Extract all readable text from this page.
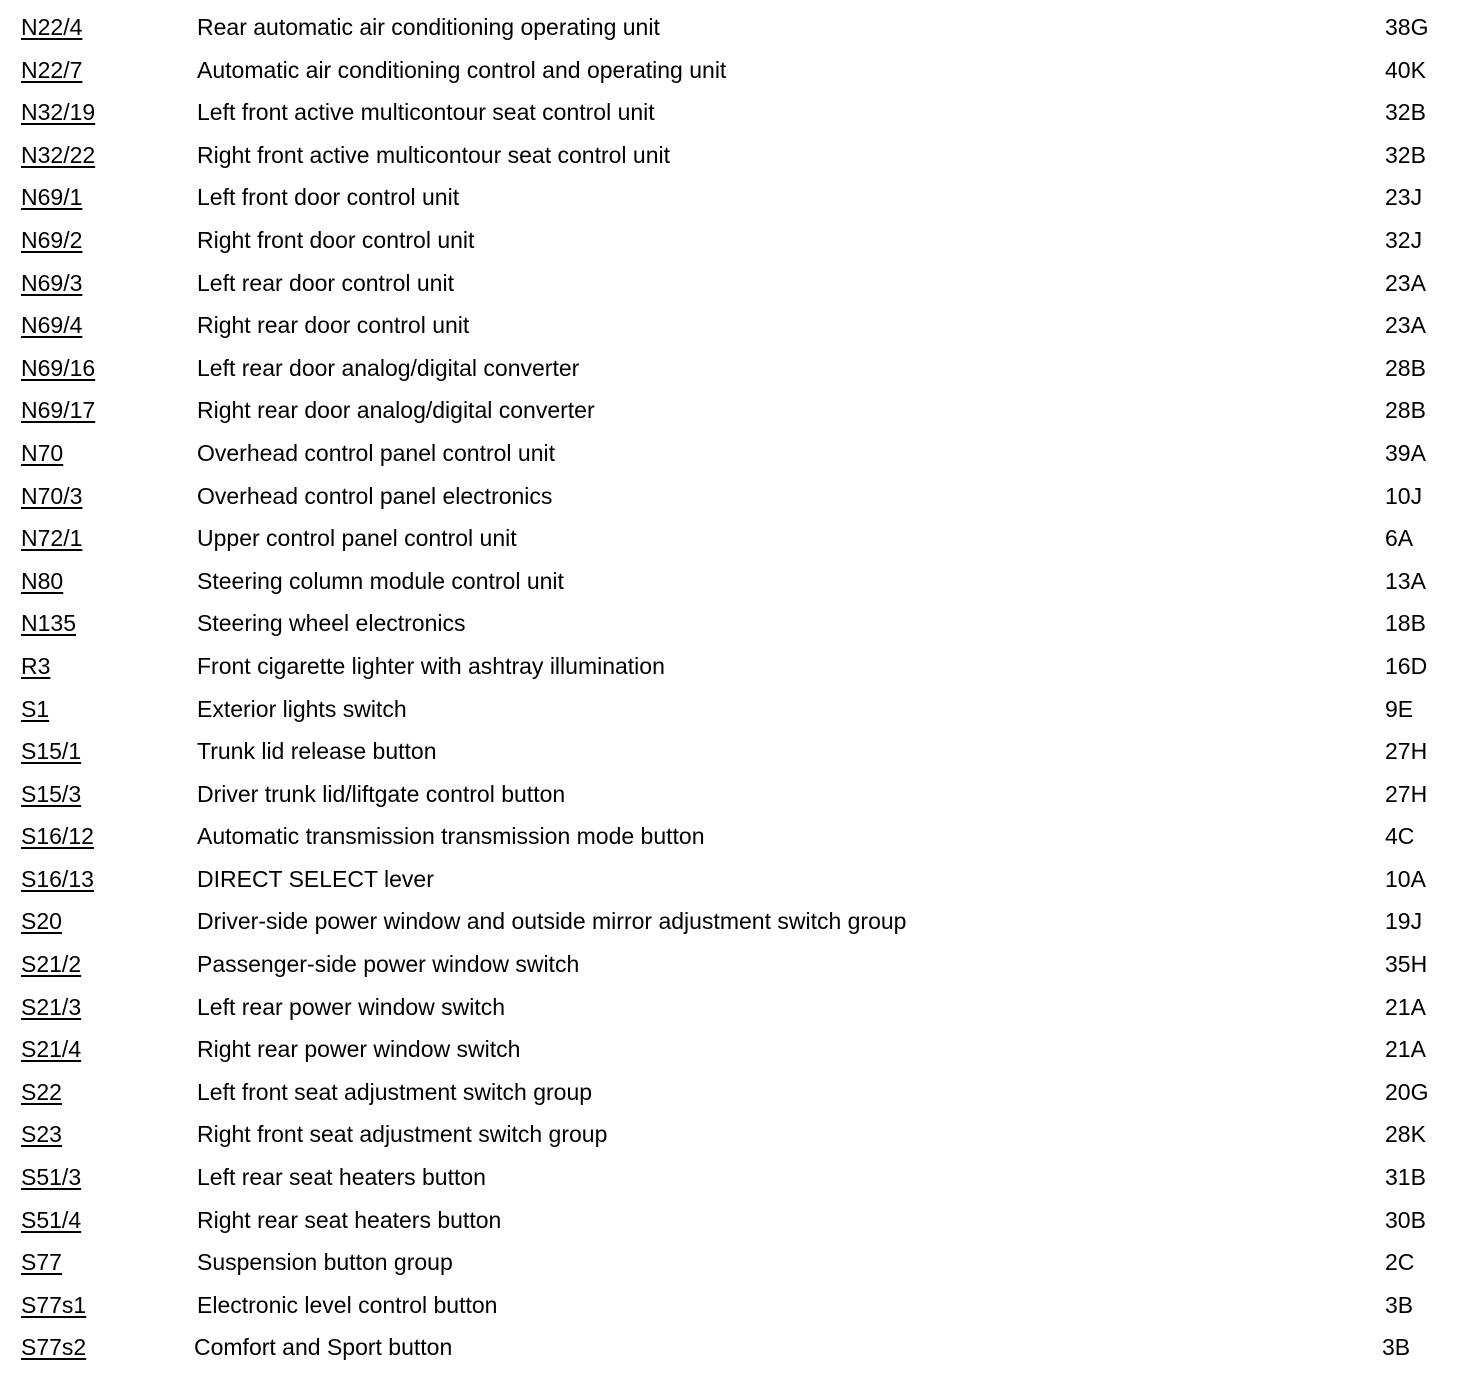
N22/4	Rear automatic air conditioning operating unit	38G
N22/7	Automatic air conditioning control and operating unit	40K
N32/19	Left front active multicontour seat control unit	32B
N32/22	Right front active multicontour seat control unit	32B
N69/1	Left front door control unit	23J
N69/2	Right front door control unit	32J
N69/3	Left rear door control unit	23A
N69/4	Right rear door control unit	23A
N69/16	Left rear door analog/digital converter	28B
N69/17	Right rear door analog/digital converter	28B
N70	Overhead control panel control unit	39A
N70/3	Overhead control panel electronics	10J
N72/1	Upper control panel control unit	6A
N80	Steering column module control unit	13A
N135	Steering wheel electronics	18B
R3	Front cigarette lighter with ashtray illumination	16D
S1	Exterior lights switch	9E
S15/1	Trunk lid release button	27H
S15/3	Driver trunk lid/liftgate control button	27H
S16/12	Automatic transmission transmission mode button	4C
S16/13	DIRECT SELECT lever	10A
S20	Driver-side power window and outside mirror adjustment switch group	19J
S21/2	Passenger-side power window switch	35H
S21/3	Left rear power window switch	21A
S21/4	Right rear power window switch	21A
S22	Left front seat adjustment switch group	20G
S23	Right front seat adjustment switch group	28K
S51/3	Left rear seat heaters button	31B
S51/4	Right rear seat heaters button	30B
S77	Suspension button group	2C
S77s1	Electronic level control button	3B
S77s2	Comfort and Sport button	3B
